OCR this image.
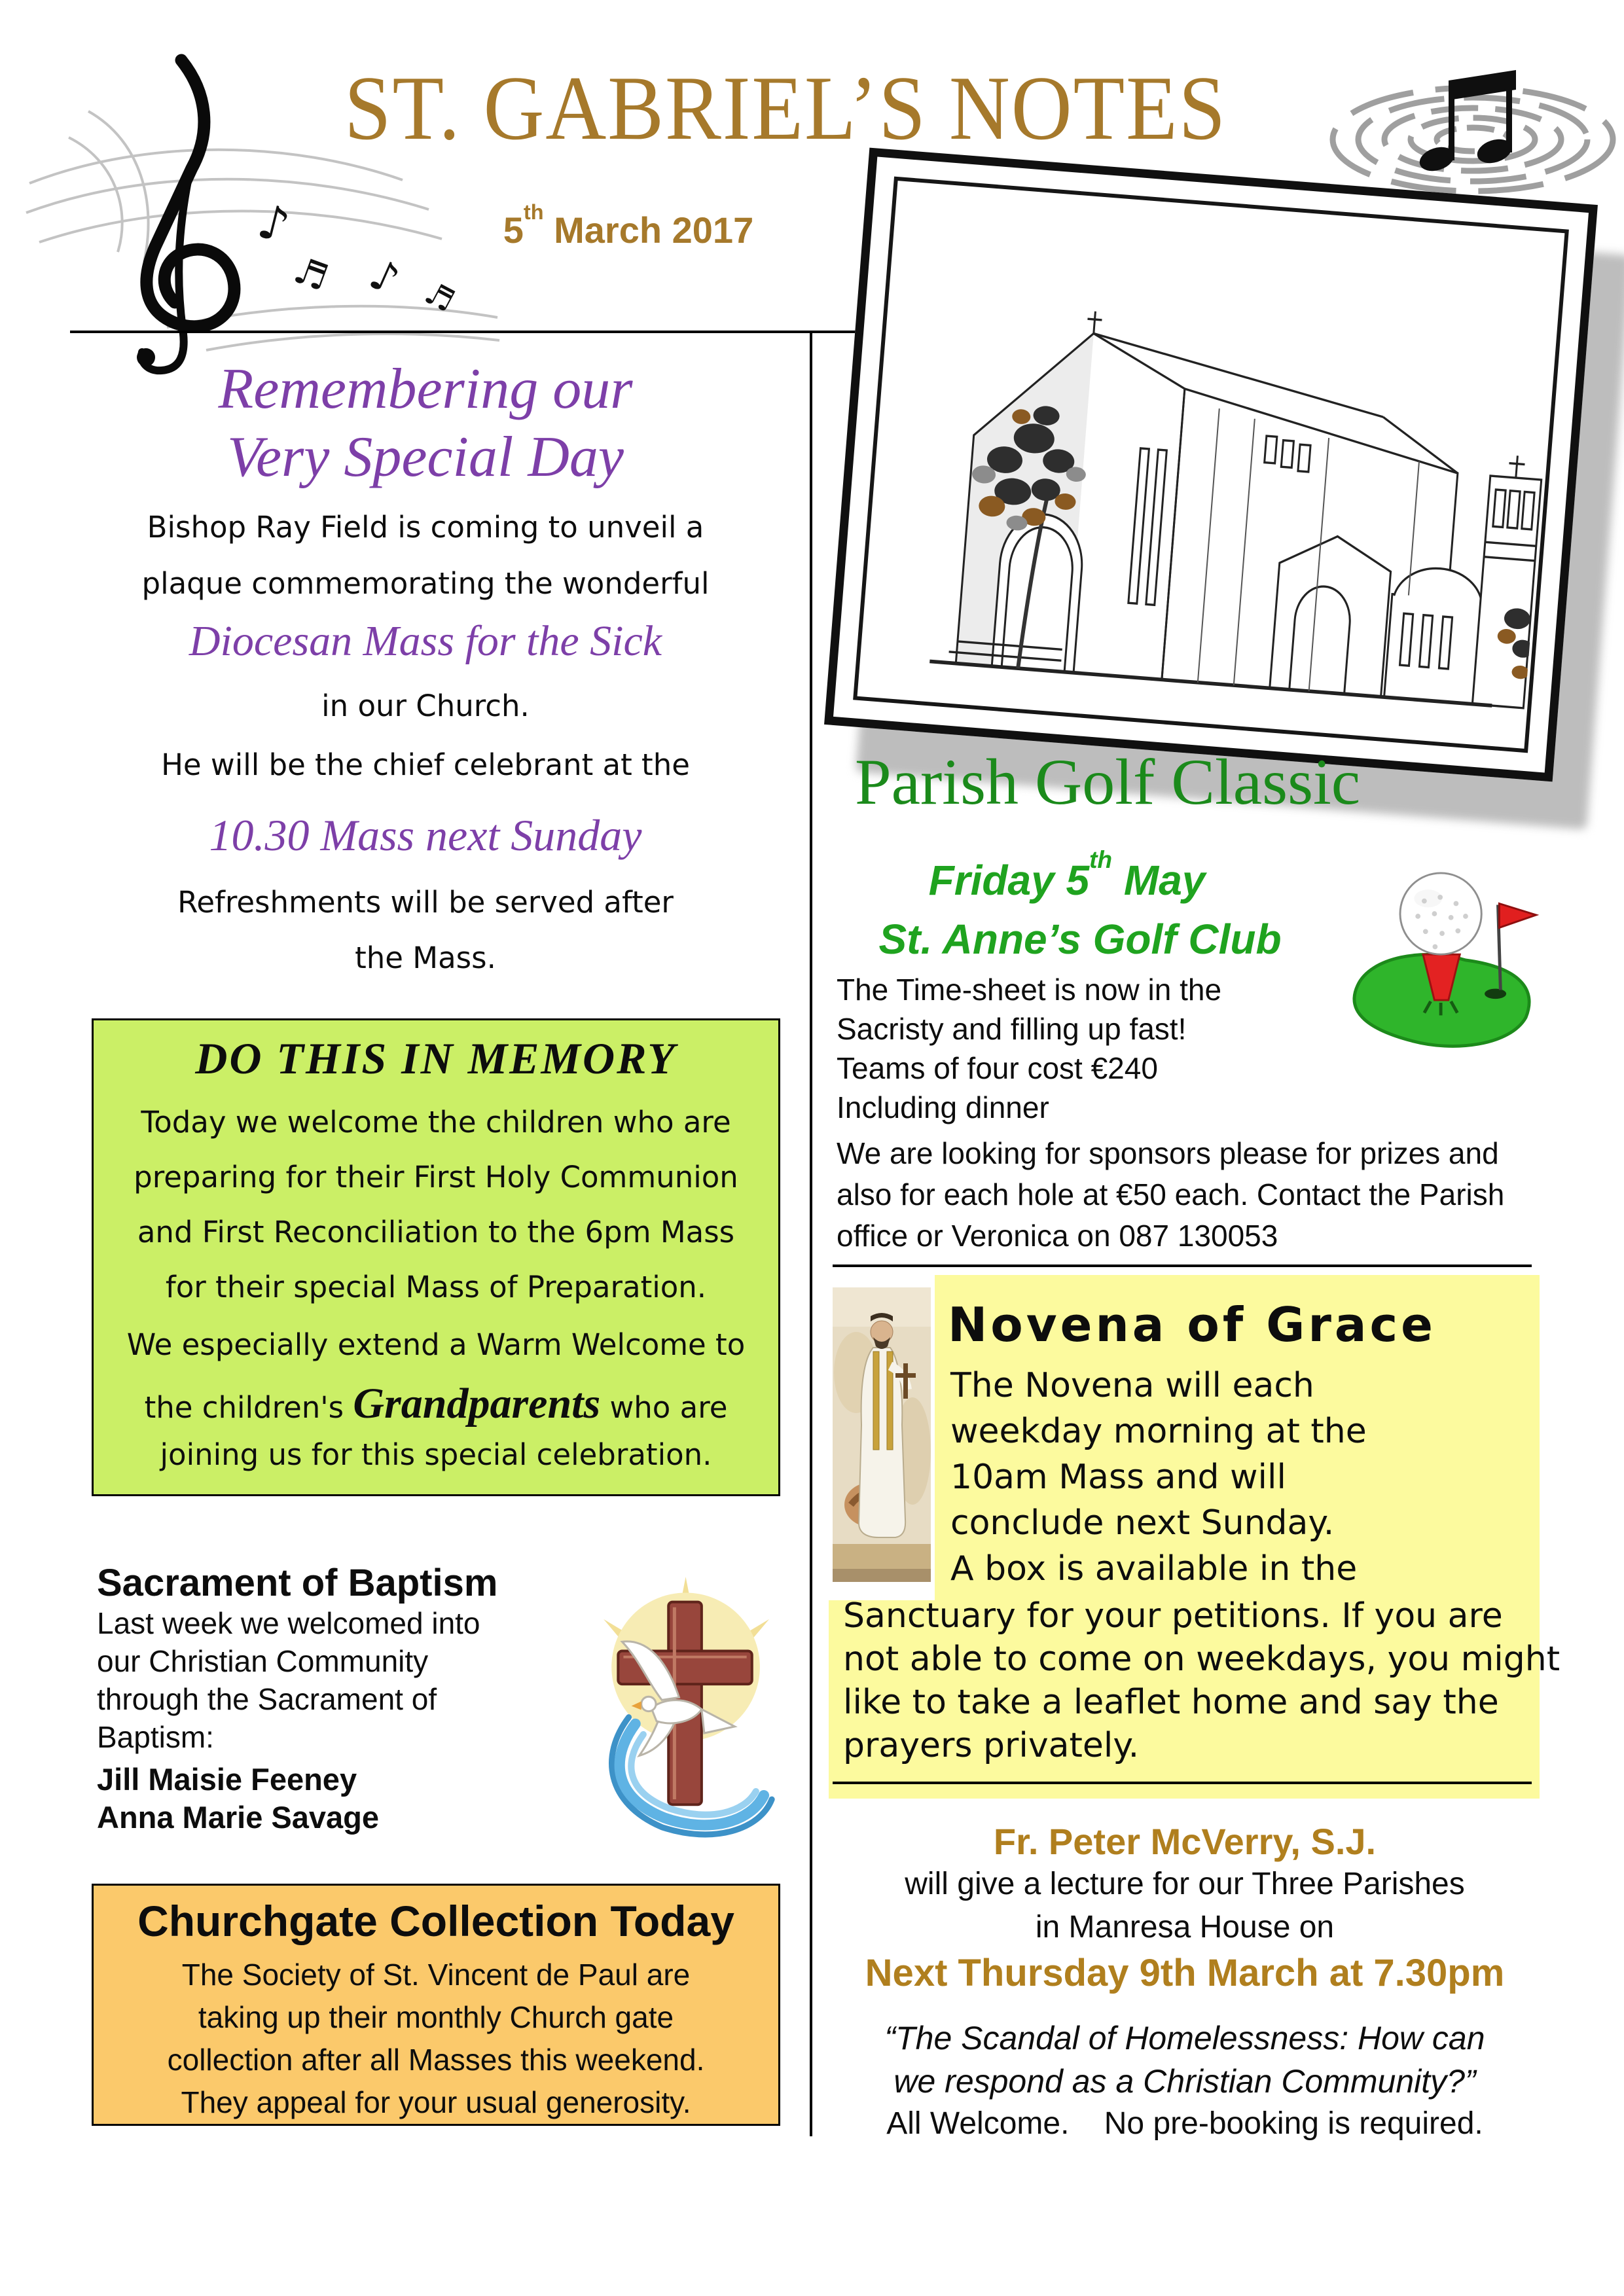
♪
♬ ♪ ♬
ST. GABRIEL’S NOTES
5th March 2017
Remembering our
Very Special Day
Bishop Ray Field is coming to unveil a
plaque commemorating the wonderful
Diocesan Mass for the Sick
in our Church.
He will be the chief celebrant at the
10.30 Mass next Sunday
Refreshments will be served after
the Mass.
DO THIS IN MEMORY
Today we welcome the children who are
preparing for their First Holy Communion
and First Reconciliation to the 6pm Mass
for their special Mass of Preparation.
We especially extend a Warm Welcome to
the children's Grandparents who are
joining us for this special celebration.
Sacrament of Baptism
Last week we welcomed into
our Christian Community
through the Sacrament of
Baptism:
Jill Maisie Feeney
Anna Marie Savage
Churchgate Collection Today
The Society of St. Vincent de Paul are
taking up their monthly Church gate
collection after all Masses this weekend.
They appeal for your usual generosity.
Parish Golf Classic
Friday 5th May
St. Anne’s Golf Club
The Time-sheet is now in the
Sacristy and filling up fast!
Teams of four cost €240
Including dinner
We are looking for sponsors please for prizes and
also for each hole at €50 each. Contact the Parish
office or Veronica on 087 130053
Novena of Grace
The Novena will each
weekday morning at the
10am Mass and will
conclude next Sunday.
A box is available in the
Sanctuary for your petitions. If you are
not able to come on weekdays, you might
like to take a leaflet home and say the
prayers privately.
Fr. Peter McVerry, S.J.
will give a lecture for our Three Parishes
in Manresa House on
Next Thursday 9th March at 7.30pm
“The Scandal of Homelessness: How can
we respond as a Christian Community?”
All Welcome.    No pre-booking is required.
